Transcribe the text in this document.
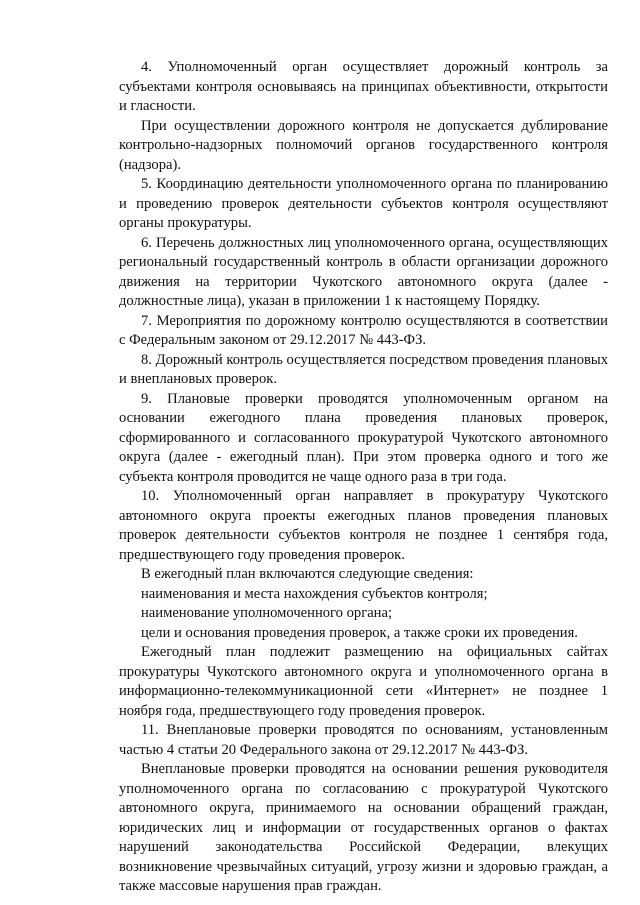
4. Уполномоченный орган осуществляет дорожный контроль за субъектами контроля основываясь на принципах объективности, открытости и гласности.

При осуществлении дорожного контроля не допускается дублирование контрольно-надзорных полномочий органов государственного контроля (надзора).

5. Координацию деятельности уполномоченного органа по планированию и проведению проверок деятельности субъектов контроля осуществляют органы прокуратуры.

6. Перечень должностных лиц уполномоченного органа, осуществляющих региональный государственный контроль в области организации дорожного движения на территории Чукотского автономного округа (далее - должностные лица), указан в приложении 1 к настоящему Порядку.

7. Мероприятия по дорожному контролю осуществляются в соответствии с Федеральным законом от 29.12.2017 № 443-ФЗ.

8. Дорожный контроль осуществляется посредством проведения плановых и внеплановых проверок.

9. Плановые проверки проводятся уполномоченным органом на основании ежегодного плана проведения плановых проверок, сформированного и согласованного прокуратурой Чукотского автономного округа (далее - ежегодный план). При этом проверка одного и того же субъекта контроля проводится не чаще одного раза в три года.

10. Уполномоченный орган направляет в прокуратуру Чукотского автономного округа проекты ежегодных планов проведения плановых проверок деятельности субъектов контроля не позднее 1 сентября года, предшествующего году проведения проверок.

В ежегодный план включаются следующие сведения:

наименования и места нахождения субъектов контроля;

наименование уполномоченного органа;

цели и основания проведения проверок, а также сроки их проведения.

Ежегодный план подлежит размещению на официальных сайтах прокуратуры Чукотского автономного округа и уполномоченного органа в информационно-телекоммуникационной сети «Интернет» не позднее 1 ноября года, предшествующего году проведения проверок.

11. Внеплановые проверки проводятся по основаниям, установленным частью 4 статьи 20 Федерального закона от 29.12.2017 № 443-ФЗ.

Внеплановые проверки проводятся на основании решения руководителя уполномоченного органа по согласованию с прокуратурой Чукотского автономного округа, принимаемого на основании обращений граждан, юридических лиц и информации от государственных органов о фактах нарушений законодательства Российской Федерации, влекущих возникновение чрезвычайных ситуаций, угрозу жизни и здоровью граждан, а также массовые нарушения прав граждан.
